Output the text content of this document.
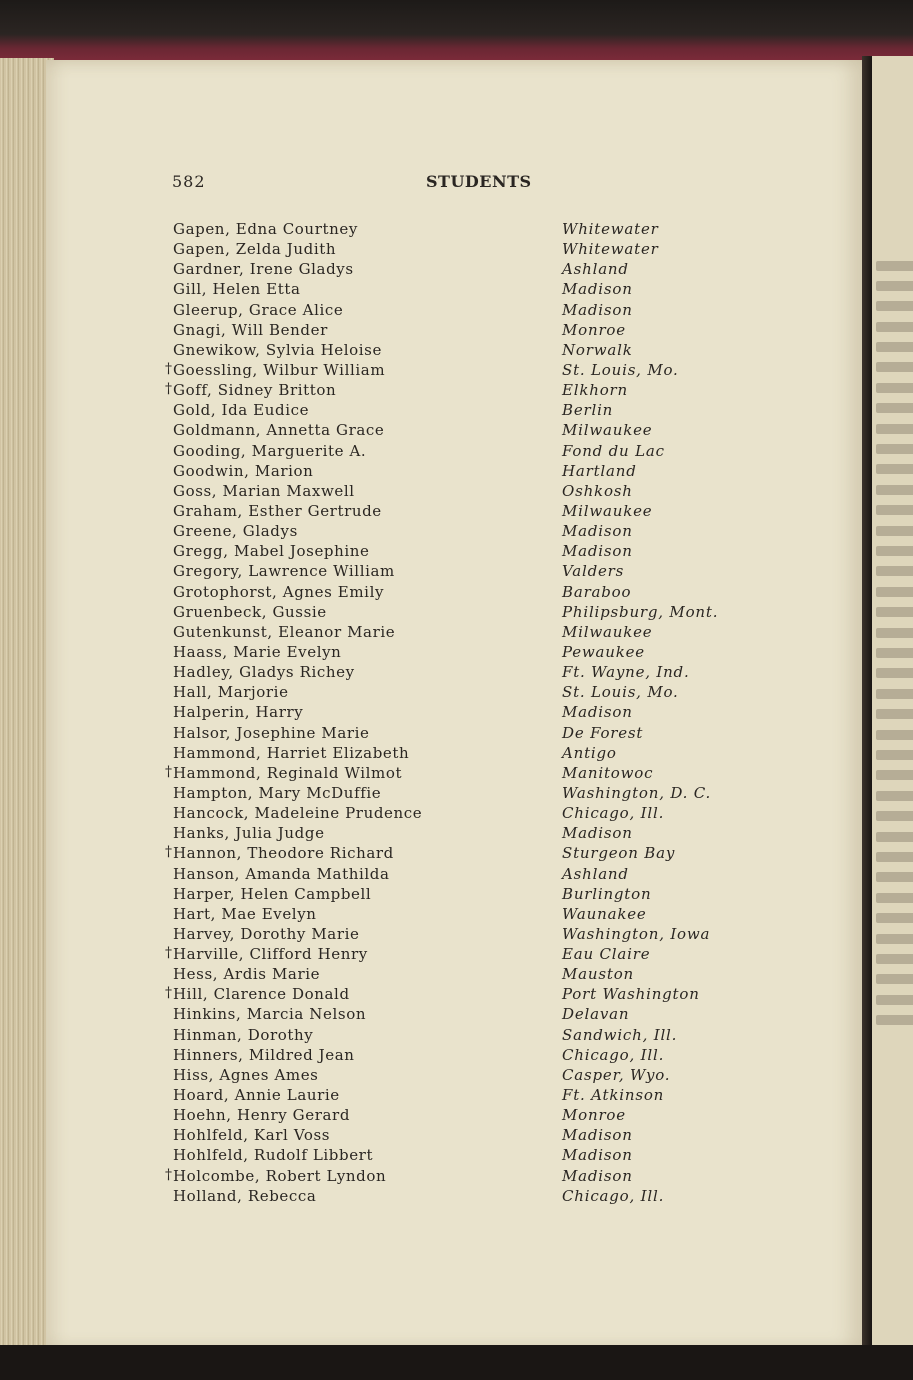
582	STUDENTS
Gapen, Edna Courtney	Whitewater
Gapen, Zelda Judith	Whitewater
Gardner, Irene Gladys	Ashland
Gill, Helen Etta	Madison
Gleerup, Grace Alice	Madison
Gnagi, Will Bender	Monroe
Gnewikow, Sylvia Heloise	Norwalk
† Goessling, Wilbur William	St. Louis, Mo.
† Goff, Sidney Britton	Elkhorn
Gold, Ida Eudice	Berlin
Goldmann, Annetta Grace	Milwaukee
Gooding, Marguerite A.	Fond du Lac
Goodwin, Marion	Hartland
Goss, Marian Maxwell	Oshkosh
Graham, Esther Gertrude	Milwaukee
Greene, Gladys	Madison
Gregg, Mabel Josephine	Madison
Gregory, Lawrence William	Valders
Grotophorst, Agnes Emily	Baraboo
Gruenbeck, Gussie	Philipsburg, Mont.
Gutenkunst, Eleanor Marie	Milwaukee
Haass, Marie Evelyn	Pewaukee
Hadley, Gladys Richey	Ft. Wayne, Ind.
Hall, Marjorie	St. Louis, Mo.
Halperin, Harry	Madison
Halsor, Josephine Marie	De Forest
Hammond, Harriet Elizabeth	Antigo
† Hammond, Reginald Wilmot	Manitowoc
Hampton, Mary McDuffie	Washington, D. C.
Hancock, Madeleine Prudence	Chicago, Ill.
Hanks, Julia Judge	Madison
† Hannon, Theodore Richard	Sturgeon Bay
Hanson, Amanda Mathilda	Ashland
Harper, Helen Campbell	Burlington
Hart, Mae Evelyn	Waunakee
Harvey, Dorothy Marie	Washington, Iowa
† Harville, Clifford Henry	Eau Claire
Hess, Ardis Marie	Mauston
† Hill, Clarence Donald	Port Washington
Hinkins, Marcia Nelson	Delavan
Hinman, Dorothy	Sandwich, Ill.
Hinners, Mildred Jean	Chicago, Ill.
Hiss, Agnes Ames	Casper, Wyo.
Hoard, Annie Laurie	Ft. Atkinson
Hoehn, Henry Gerard	Monroe
Hohlfeld, Karl Voss	Madison
Hohlfeld, Rudolf Libbert	Madison
† Holcombe, Robert Lyndon	Madison
Holland, Rebecca	Chicago, Ill.
